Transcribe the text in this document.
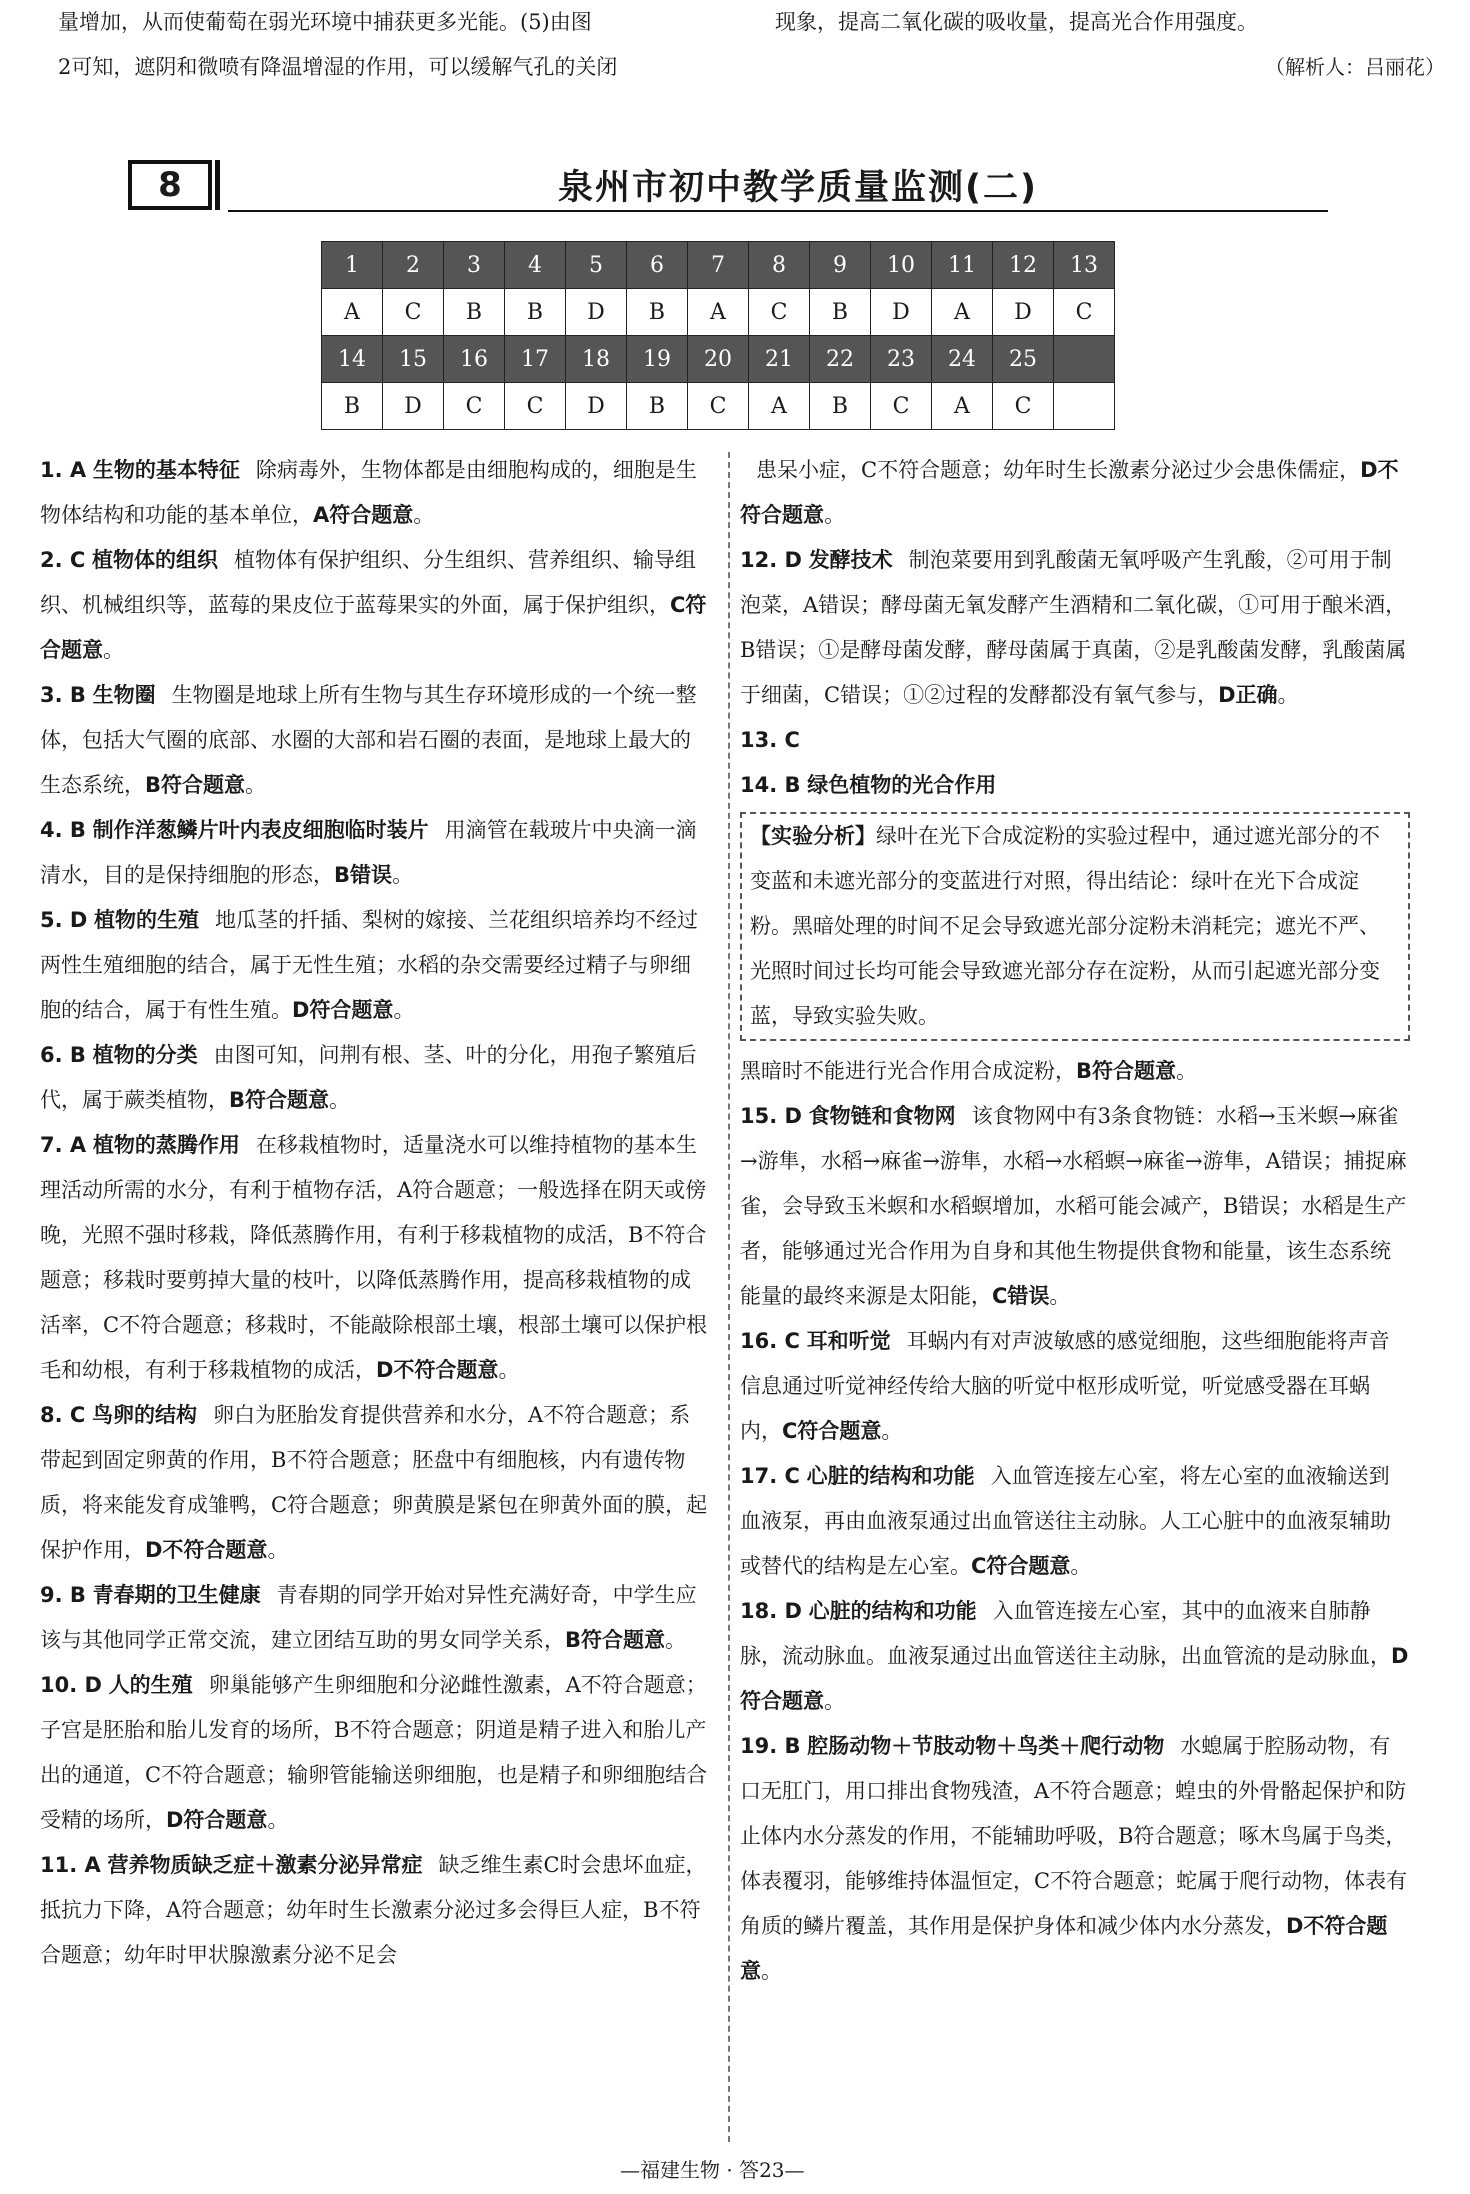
量增加，从而使葡萄在弱光环境中捕获更多光能。(5)由图

2可知，遮阴和微喷有降温增湿的作用，可以缓解气孔的关闭

现象，提高二氧化碳的吸收量，提高光合作用强度。

（解析人：吕丽花）

8	泉州市初中教学质量监测(二)
1	2	3	4	5	6	7	8	9	10	11	12	13
A	C	B	B	D	B	A	C	B	D	A	D	C
14	15	16	17	18	19	20	21	22	23	24	25	
B	D	C	C	D	B	C	A	B	C	A	C	

1. A 生物的基本特征 除病毒外，生物体都是由细胞构成的，细胞是生物体结构和功能的基本单位，A符合题意。

2. C 植物体的组织 植物体有保护组织、分生组织、营养组织、输导组织、机械组织等，蓝莓的果皮位于蓝莓果实的外面，属于保护组织，C符合题意。

3. B 生物圈 生物圈是地球上所有生物与其生存环境形成的一个统一整体，包括大气圈的底部、水圈的大部和岩石圈的表面，是地球上最大的生态系统，B符合题意。

4. B 制作洋葱鳞片叶内表皮细胞临时装片 用滴管在载玻片中央滴一滴清水，目的是保持细胞的形态，B错误。

5. D 植物的生殖 地瓜茎的扦插、梨树的嫁接、兰花组织培养均不经过两性生殖细胞的结合，属于无性生殖；水稻的杂交需要经过精子与卵细胞的结合，属于有性生殖。D符合题意。

6. B 植物的分类 由图可知，问荆有根、茎、叶的分化，用孢子繁殖后代，属于蕨类植物，B符合题意。

7. A 植物的蒸腾作用 在移栽植物时，适量浇水可以维持植物的基本生理活动所需的水分，有利于植物存活，A符合题意；一般选择在阴天或傍晚，光照不强时移栽，降低蒸腾作用，有利于移栽植物的成活，B不符合题意；移栽时要剪掉大量的枝叶，以降低蒸腾作用，提高移栽植物的成活率，C不符合题意；移栽时，不能敲除根部土壤，根部土壤可以保护根毛和幼根，有利于移栽植物的成活，D不符合题意。

8. C 鸟卵的结构 卵白为胚胎发育提供营养和水分，A不符合题意；系带起到固定卵黄的作用，B不符合题意；胚盘中有细胞核，内有遗传物质，将来能发育成雏鸭，C符合题意；卵黄膜是紧包在卵黄外面的膜，起保护作用，D不符合题意。

9. B 青春期的卫生健康 青春期的同学开始对异性充满好奇，中学生应该与其他同学正常交流，建立团结互助的男女同学关系，B符合题意。

10. D 人的生殖 卵巢能够产生卵细胞和分泌雌性激素，A不符合题意；子宫是胚胎和胎儿发育的场所，B不符合题意；阴道是精子进入和胎儿产出的通道，C不符合题意；输卵管能输送卵细胞，也是精子和卵细胞结合受精的场所，D符合题意。

11. A 营养物质缺乏症＋激素分泌异常症 缺乏维生素C时会患坏血症，抵抗力下降，A符合题意；幼年时生长激素分泌过多会得巨人症，B不符合题意；幼年时甲状腺激素分泌不足会

患呆小症，C不符合题意；幼年时生长激素分泌过少会患侏儒症，D不符合题意。

12. D 发酵技术 制泡菜要用到乳酸菌无氧呼吸产生乳酸，②可用于制泡菜，A错误；酵母菌无氧发酵产生酒精和二氧化碳，①可用于酿米酒，B错误；①是酵母菌发酵，酵母菌属于真菌，②是乳酸菌发酵，乳酸菌属于细菌，C错误；①②过程的发酵都没有氧气参与，D正确。

13. C

14. B 绿色植物的光合作用

【实验分析】绿叶在光下合成淀粉的实验过程中，通过遮光部分的不变蓝和未遮光部分的变蓝进行对照，得出结论：绿叶在光下合成淀粉。黑暗处理的时间不足会导致遮光部分淀粉未消耗完；遮光不严、光照时间过长均可能会导致遮光部分存在淀粉，从而引起遮光部分变蓝，导致实验失败。

黑暗时不能进行光合作用合成淀粉，B符合题意。

15. D 食物链和食物网 该食物网中有3条食物链：水稻→玉米螟→麻雀→游隼，水稻→麻雀→游隼，水稻→水稻螟→麻雀→游隼，A错误；捕捉麻雀，会导致玉米螟和水稻螟增加，水稻可能会减产，B错误；水稻是生产者，能够通过光合作用为自身和其他生物提供食物和能量，该生态系统能量的最终来源是太阳能，C错误。

16. C 耳和听觉 耳蜗内有对声波敏感的感觉细胞，这些细胞能将声音信息通过听觉神经传给大脑的听觉中枢形成听觉，听觉感受器在耳蜗内，C符合题意。

17. C 心脏的结构和功能 入血管连接左心室，将左心室的血液输送到血液泵，再由血液泵通过出血管送往主动脉。人工心脏中的血液泵辅助或替代的结构是左心室。C符合题意。

18. D 心脏的结构和功能 入血管连接左心室，其中的血液来自肺静脉，流动脉血。血液泵通过出血管送往主动脉，出血管流的是动脉血，D符合题意。

19. B 腔肠动物＋节肢动物＋鸟类＋爬行动物 水螅属于腔肠动物，有口无肛门，用口排出食物残渣，A不符合题意；蝗虫的外骨骼起保护和防止体内水分蒸发的作用，不能辅助呼吸，B符合题意；啄木鸟属于鸟类，体表覆羽，能够维持体温恒定，C不符合题意；蛇属于爬行动物，体表有角质的鳞片覆盖，其作用是保护身体和减少体内水分蒸发，D不符合题意。

—福建生物 · 答23—
